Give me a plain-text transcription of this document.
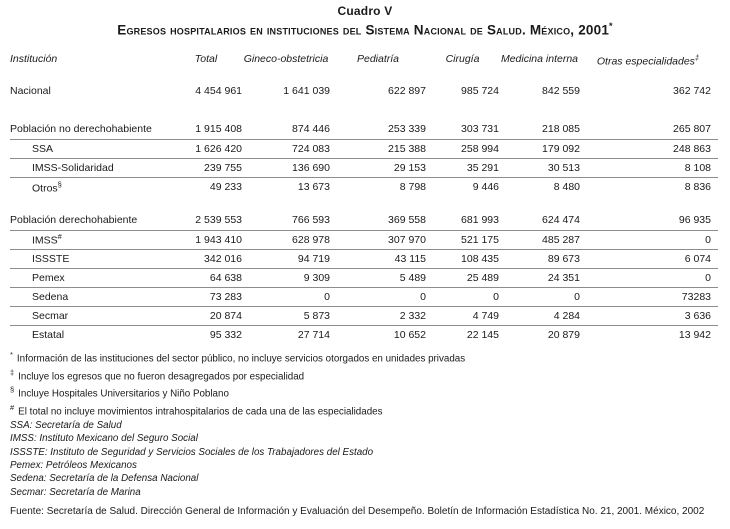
Cuadro V
Egresos hospitalarios en instituciones del Sistema Nacional de Salud. México, 2001*
Institución	Total	Gineco-obstetricia	Pediatría	Cirugía	Medicina interna	Otras especialidades‡

Nacional	4 454 961	1 641 039	622 897	985 724	842 559	362 742

Población no derechohabiente	1 915 408	874 446	253 339	303 731	218 085	265 807
SSA	1 626 420	724 083	215 388	258 994	179 092	248 863
IMSS-Solidaridad	239 755	136 690	29 153	35 291	30 513	8 108
Otros§	49 233	13 673	8 798	9 446	8 480	8 836

Población derechohabiente	2 539 553	766 593	369 558	681 993	624 474	96 935
IMSS#	1 943 410	628 978	307 970	521 175	485 287	0
ISSSTE	342 016	94 719	43 115	108 435	89 673	6 074
Pemex	64 638	9 309	5 489	25 489	24 351	0
Sedena	73 283	0	0	0	0	73283
Secmar	20 874	5 873	2 332	4 749	4 284	3 636
Estatal	95 332	27 714	10 652	22 145	20 879	13 942
* Información de las instituciones del sector público, no incluye servicios otorgados en unidades privadas
‡ Incluye los egresos que no fueron desagregados por especialidad
§ Incluye Hospitales Universitarios y Niño Poblano
# El total no incluye movimientos intrahospitalarios de cada una de las especialidades
SSA: Secretaría de Salud
IMSS: Instituto Mexicano del Seguro Social
ISSSTE: Instituto de Seguridad y Servicios Sociales de los Trabajadores del Estado
Pemex: Petróleos Mexicanos
Sedena: Secretaría de la Defensa Nacional
Secmar: Secretaría de Marina
Fuente: Secretaría de Salud. Dirección General de Información y Evaluación del Desempeño. Boletín de Información Estadística No. 21, 2001. México, 2002
